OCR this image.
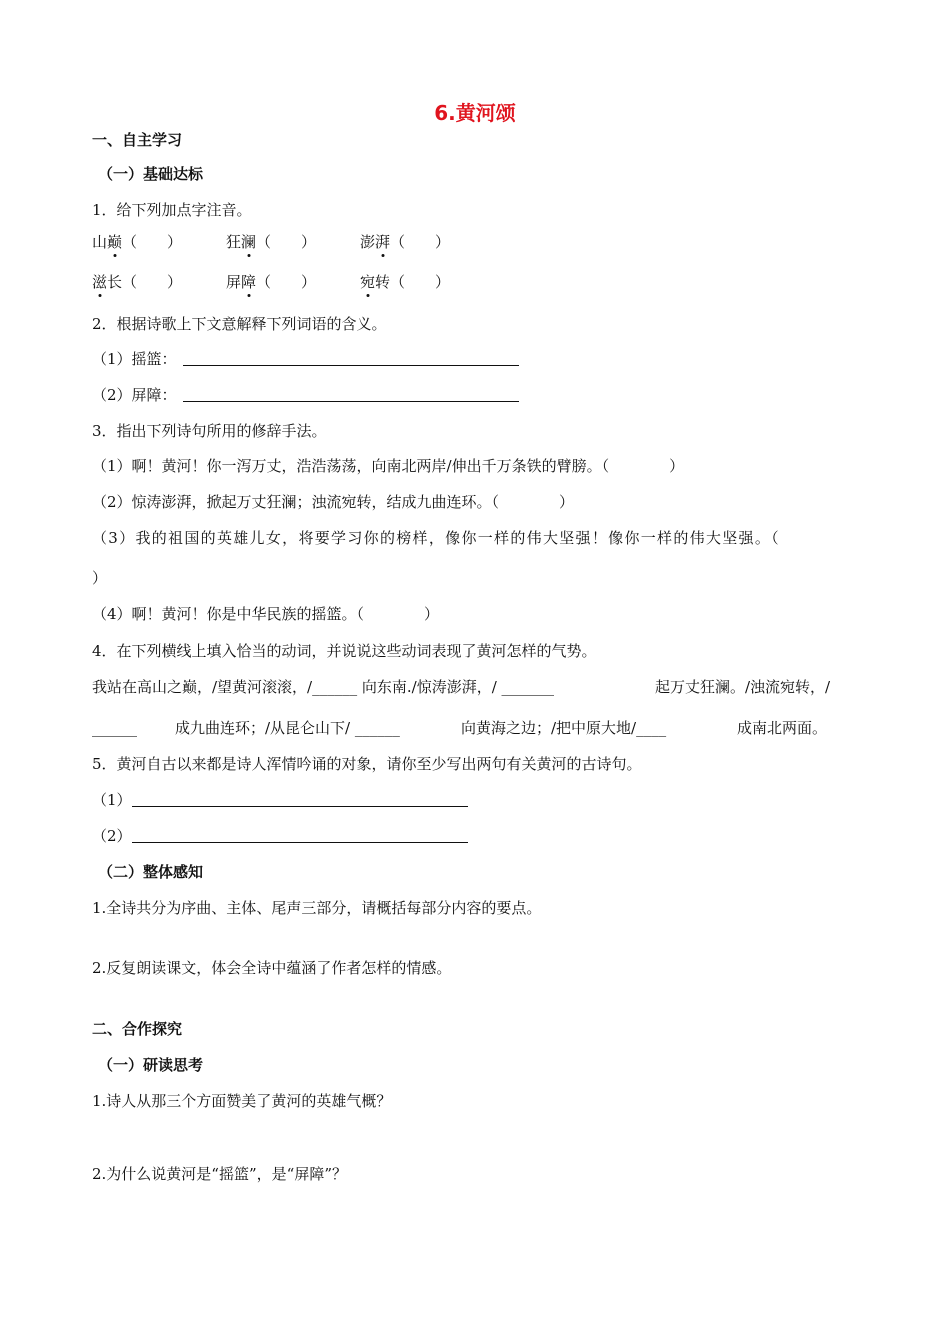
6.黄河颂
一、自主学习
（一）基础达标
1．给下列加点字注音。
山巅（　　）	狂澜（　　）	澎湃（　　）
滋长（　　）	屏障（　　）	宛转（　　）
2．根据诗歌上下文意解释下列词语的含义。
（1）摇篮：
（2）屏障：
3．指出下列诗句所用的修辞手法。
（1）啊！黄河！你一泻万丈，浩浩荡荡，向南北两岸/伸出千万条铁的臂膀。（　　　　）
（2）惊涛澎湃，掀起万丈狂澜；浊流宛转，结成九曲连环。（　　　　）
（3）我的祖国的英雄儿女，将要学习你的榜样，像你一样的伟大坚强！像你一样的伟大坚强。（
）
（4）啊！黄河！你是中华民族的摇篮。（　　　　）
4．在下列横线上填入恰当的动词，并说说这些动词表现了黄河怎样的气势。
我站在高山之巅，/望黄河滚滚，/______ 向东南./惊涛澎湃，/ _______	起万丈狂澜。/浊流宛转，/
______	成九曲连环；/从昆仑山下/ ______	向黄海之边；/把中原大地/____	成南北两面。
5．黄河自古以来都是诗人浑情吟诵的对象，请你至少写出两句有关黄河的古诗句。
（1）
（2）
（二）整体感知
1.全诗共分为序曲、主体、尾声三部分，请概括每部分内容的要点。
2.反复朗读课文，体会全诗中蕴涵了作者怎样的情感。
二、合作探究
（一）研读思考
1.诗人从那三个方面赞美了黄河的英雄气概？
2.为什么说黄河是“摇篮”，是“屏障”？
